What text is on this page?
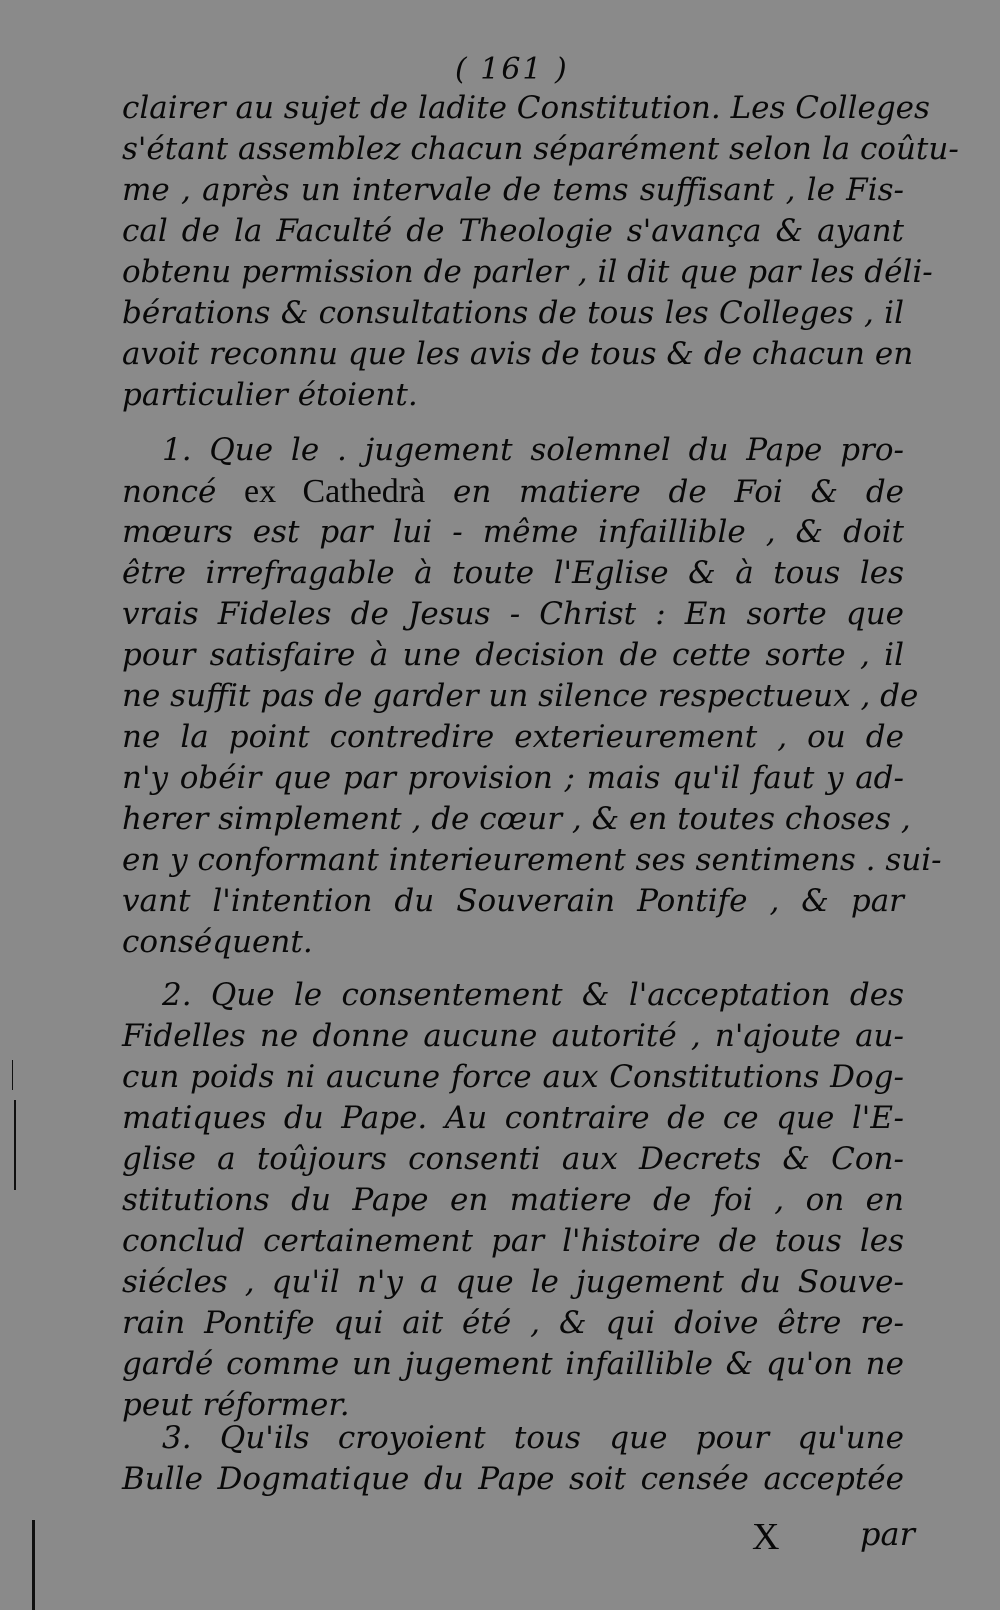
( 161 )
clairer au sujet de ladite Constitution. Les Colleges
s'étant assemblez chacun séparément selon la coûtu-
me , après un intervale de tems suffisant , le Fis-
cal de la Faculté de Theologie s'avança & ayant
obtenu permission de parler , il dit que par les déli-
bérations & consultations de tous les Colleges , il
avoit reconnu que les avis de tous & de chacun en
particulier étoient.
1. Que le . jugement solemnel du Pape pro-
noncé ex Cathedrà en matiere de Foi & de
mœurs est par lui - même infaillible , & doit
être irrefragable à toute l'Eglise & à tous les
vrais Fideles de Jesus - Christ : En sorte que
pour satisfaire à une decision de cette sorte , il
ne suffit pas de garder un silence respectueux , de
ne la point contredire exterieurement , ou de
n'y obéir que par provision ; mais qu'il faut y ad-
herer simplement , de cœur , & en toutes choses ,
en y conformant interieurement ses sentimens . sui-
vant l'intention du Souverain Pontife , & par
conséquent.
2. Que le consentement & l'acceptation des
Fidelles ne donne aucune autorité , n'ajoute au-
cun poids ni aucune force aux Constitutions Dog-
matiques du Pape. Au contraire de ce que l'E-
glise a toûjours consenti aux Decrets & Con-
stitutions du Pape en matiere de foi , on en
conclud certainement par l'histoire de tous les
siécles , qu'il n'y a que le jugement du Souve-
rain Pontife qui ait été , & qui doive être re-
gardé comme un jugement infaillible & qu'on ne
peut réformer.
3. Qu'ils croyoient tous que pour qu'une
Bulle Dogmatique du Pape soit censée acceptée
X par
